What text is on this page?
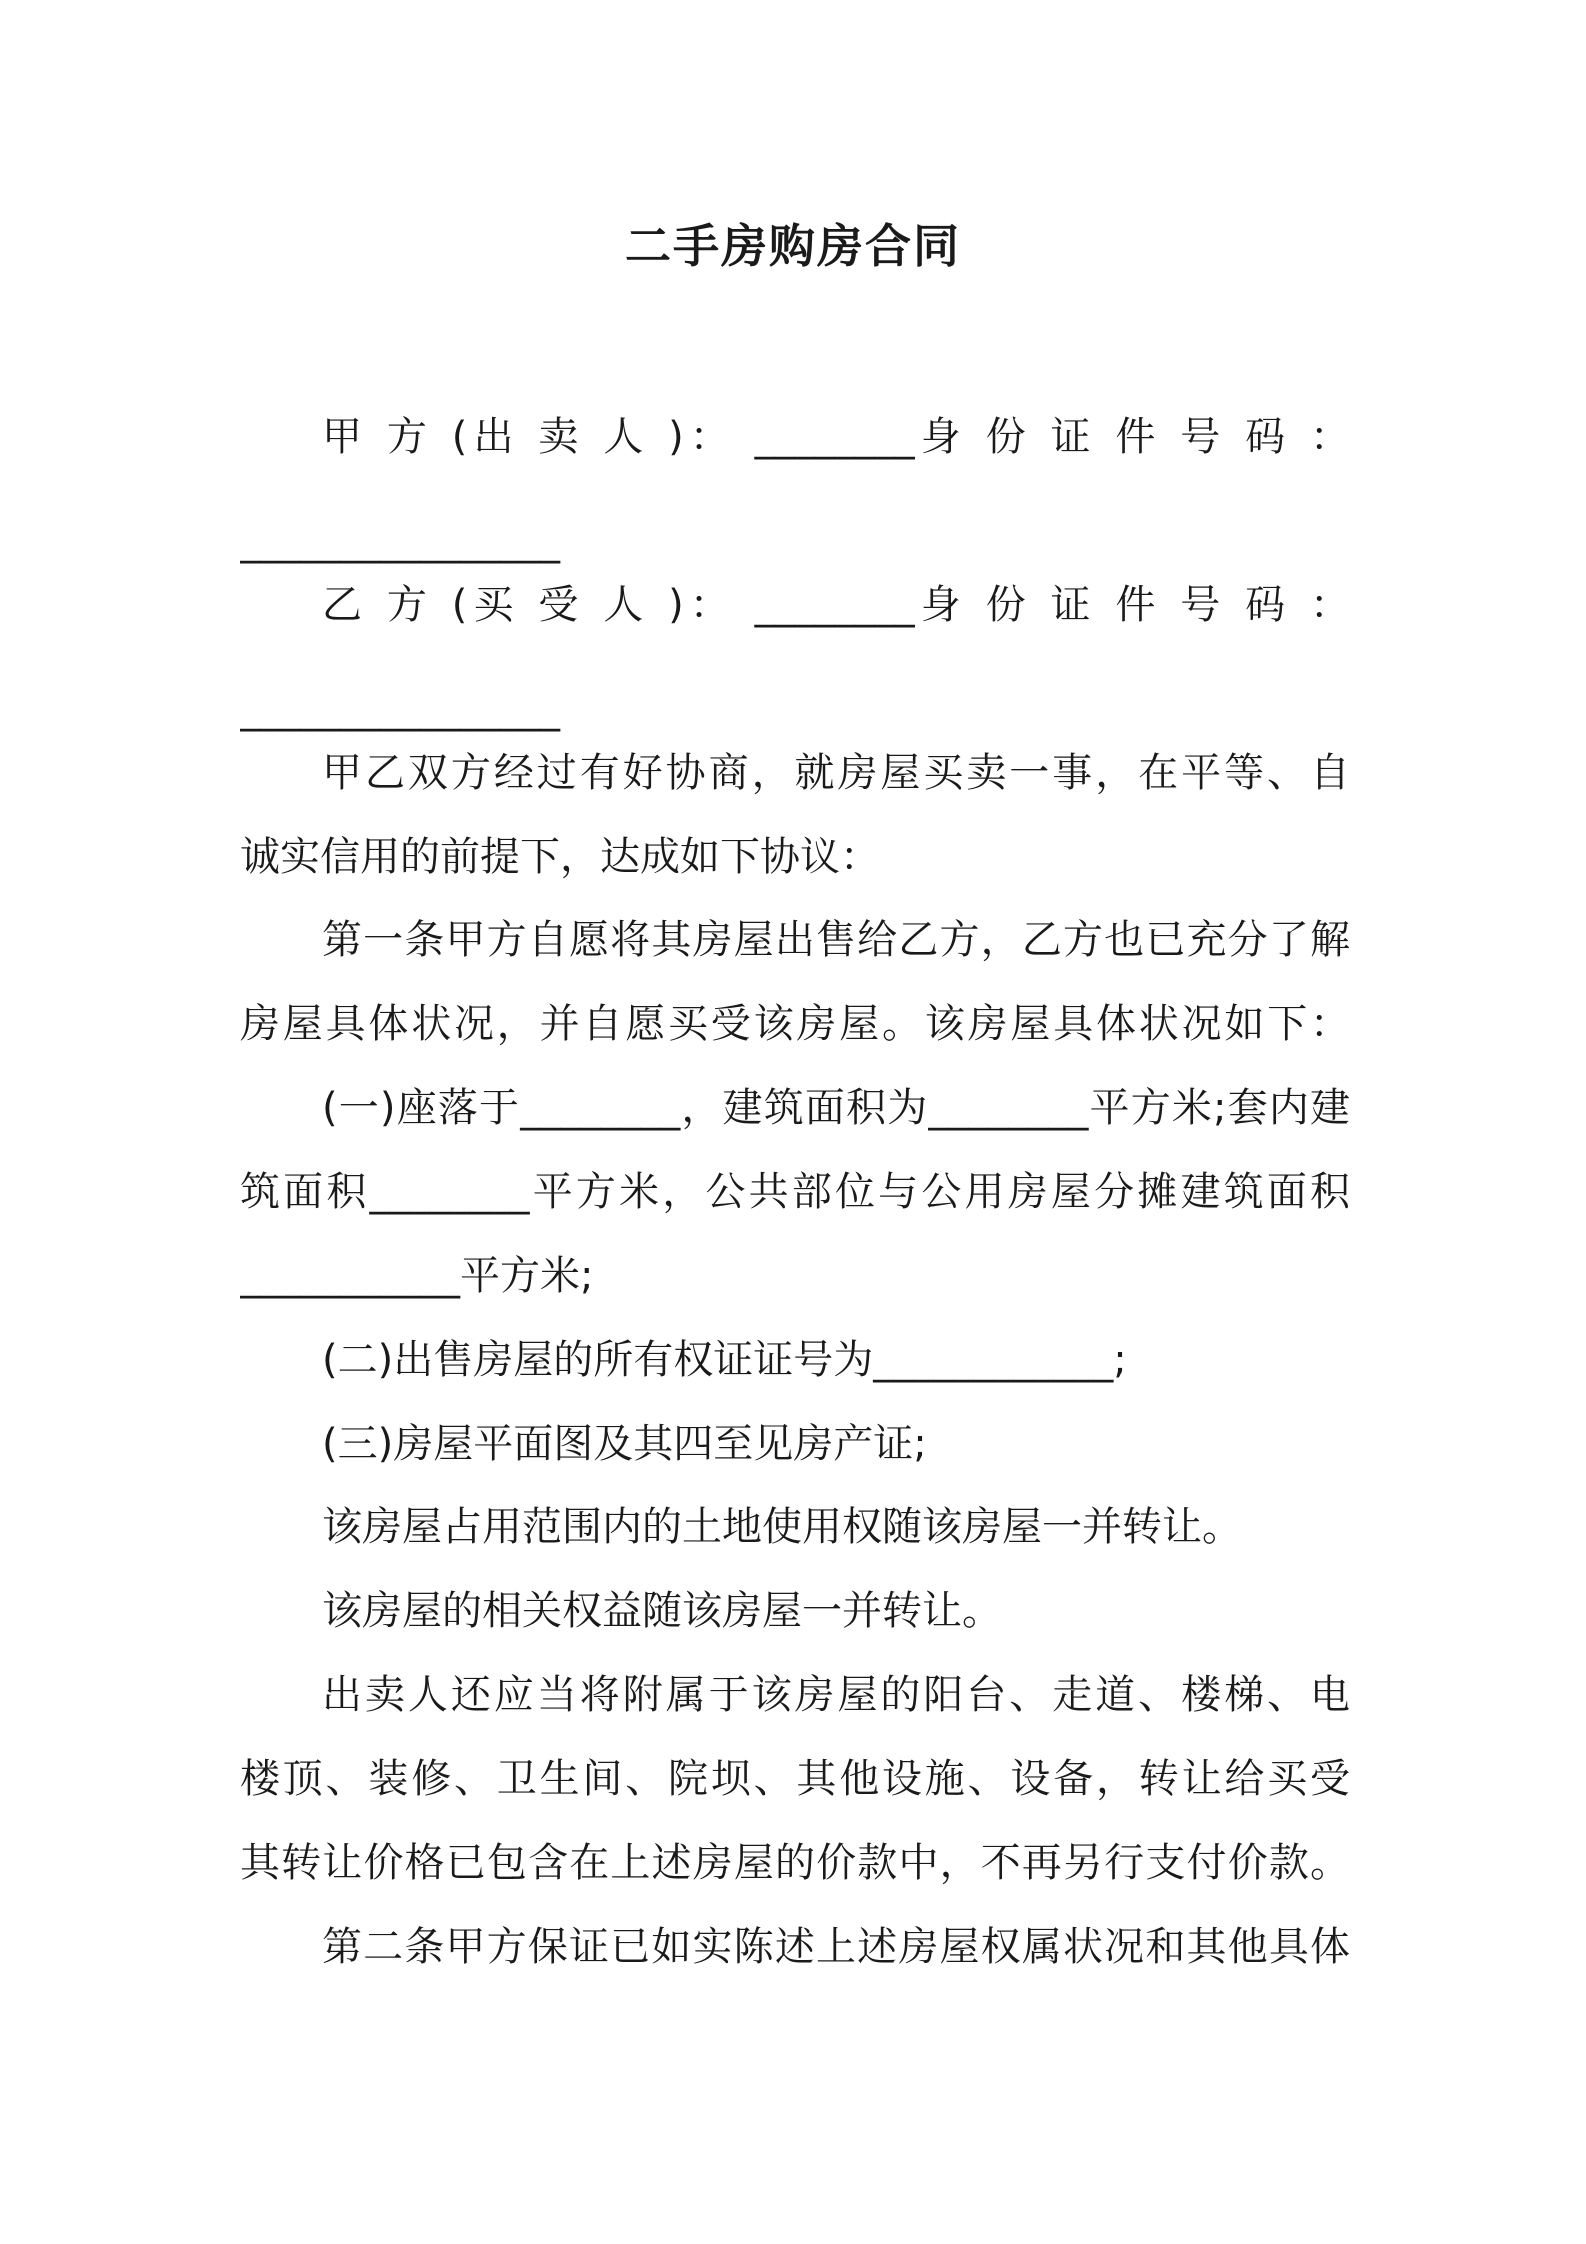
二手房购房合同
甲 方 (出 卖 人 )： ________身 份 证 件 号 码 ：
________________
乙 方 (买 受 人 )： ________身 份 证 件 号 码 ：
________________
甲乙双方经过有好协商，就房屋买卖一事，在平等、自
诚实信用的前提下，达成如下协议：
第一条甲方自愿将其房屋出售给乙方，乙方也已充分了解
房屋具体状况，并自愿买受该房屋。该房屋具体状况如下：
(一)座落于________，建筑面积为________平方米;套内建
筑面积________平方米，公共部位与公用房屋分摊建筑面积
___________平方米;
(二)出售房屋的所有权证证号为____________;
(三)房屋平面图及其四至见房产证;
该房屋占用范围内的土地使用权随该房屋一并转让。
该房屋的相关权益随该房屋一并转让。
出卖人还应当将附属于该房屋的阳台、走道、楼梯、电
楼顶、装修、卫生间、院坝、其他设施、设备，转让给买受
其转让价格已包含在上述房屋的价款中，不再另行支付价款。
第二条甲方保证已如实陈述上述房屋权属状况和其他具体
